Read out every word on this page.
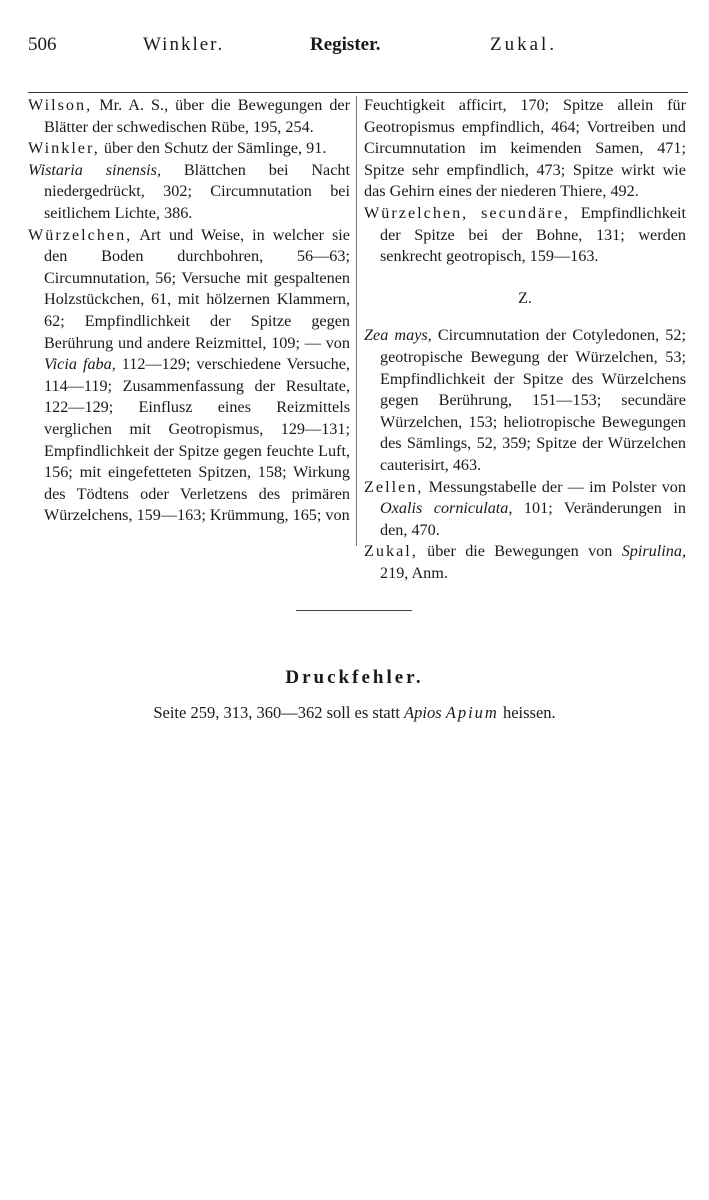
506	Winkler.	Register.	Zukal.

Wilson, Mr. A. S., über die Bewegungen der Blätter der schwedischen Rübe, 195, 254.

Winkler, über den Schutz der Sämlinge, 91.

Wistaria sinensis, Blättchen bei Nacht niedergedrückt, 302; Circumnutation bei seitlichem Lichte, 386.

Würzelchen, Art und Weise, in welcher sie den Boden durchbohren, 56—63; Circumnutation, 56; Versuche mit gespaltenen Holzstückchen, 61, mit hölzernen Klammern, 62; Empfindlichkeit der Spitze gegen Berührung und andere Reizmittel, 109; — von Vicia faba, 112—129; verschiedene Versuche, 114—119; Zusammenfassung der Resultate, 122—129; Einflusz eines Reizmittels verglichen mit Geotropismus, 129—131; Empfindlichkeit der Spitze gegen feuchte Luft, 156; mit eingefetteten Spitzen, 158; Wirkung des Tödtens oder Verletzens des primären Würzelchens, 159—163; Krümmung, 165; von

Feuchtigkeit afficirt, 170; Spitze allein für Geotropismus empfindlich, 464; Vortreiben und Circumnutation im keimenden Samen, 471; Spitze sehr empfindlich, 473; Spitze wirkt wie das Gehirn eines der niederen Thiere, 492.

Würzelchen, secundäre, Empfindlichkeit der Spitze bei der Bohne, 131; werden senkrecht geotropisch, 159—163.

Z.

Zea mays, Circumnutation der Cotyledonen, 52; geotropische Bewegung der Würzelchen, 53; Empfindlichkeit der Spitze des Würzelchens gegen Berührung, 151—153; secundäre Würzelchen, 153; heliotropische Bewegungen des Sämlings, 52, 359; Spitze der Würzelchen cauterisirt, 463.

Zellen, Messungstabelle der — im Polster von Oxalis corniculata, 101; Veränderungen in den, 470.

Zukal, über die Bewegungen von Spirulina, 219, Anm.

Druckfehler.
Seite 259, 313, 360—362 soll es statt Apios Apium heissen.
